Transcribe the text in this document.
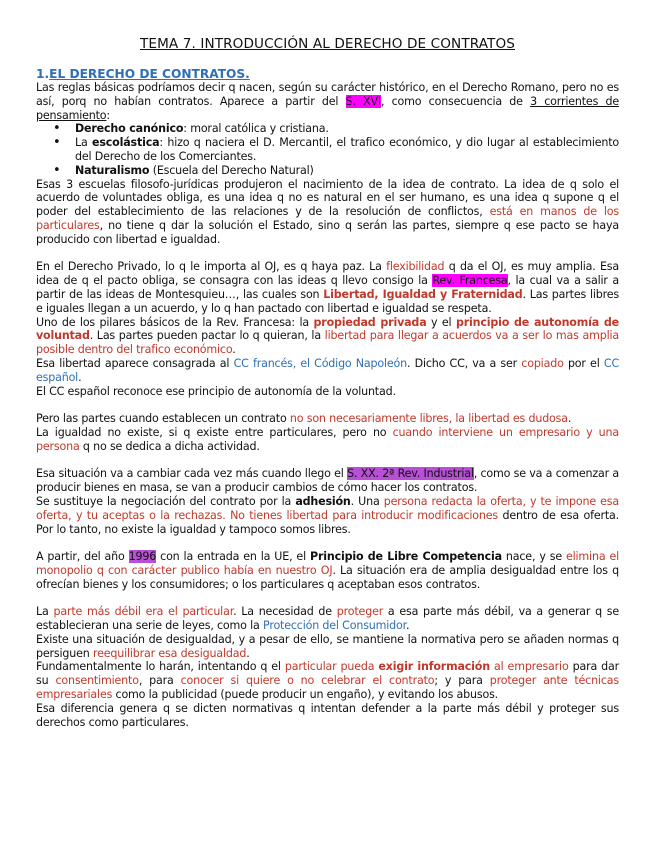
TEMA 7. INTRODUCCIÓN AL DERECHO DE CONTRATOS
1.EL DERECHO DE CONTRATOS.

Las reglas básicas podríamos decir q nacen, según su carácter histórico, en el Derecho Romano, pero no es así, porq no habían contratos. Aparece a partir del S. XVI, como consecuencia de 3 corrientes de pensamiento:

• Derecho canónico: moral católica y cristiana.
• La escolástica: hizo q naciera el D. Mercantil, el trafico económico, y dio lugar al establecimiento del Derecho de los Comerciantes.
• Naturalismo (Escuela del Derecho Natural)

Esas 3 escuelas filosofo-jurídicas produjeron el nacimiento de la idea de contrato. La idea de q solo el acuerdo de voluntades obliga, es una idea q no es natural en el ser humano, es una idea q supone q el poder del establecimiento de las relaciones y de la resolución de conflictos, está en manos de los particulares, no tiene q dar la solución el Estado, sino q serán las partes, siempre q ese pacto se haya producido con libertad e igualdad.

En el Derecho Privado, lo q le importa al OJ, es q haya paz. La flexibilidad q da el OJ, es muy amplia. Esa idea de q el pacto obliga, se consagra con las ideas q llevo consigo la Rev. Francesa, la cual va a salir a partir de las ideas de Montesquieu…, las cuales son Libertad, Igualdad y Fraternidad. Las partes libres e iguales llegan a un acuerdo, y lo q han pactado con libertad e igualdad se respeta.

Uno de los pilares básicos de la Rev. Francesa: la propiedad privada y el principio de autonomía de voluntad. Las partes pueden pactar lo q quieran, la libertad para llegar a acuerdos va a ser lo mas amplia posible dentro del trafico económico.

Esa libertad aparece consagrada al CC francés, el Código Napoleón. Dicho CC, va a ser copiado por el CC español.

El CC español reconoce ese principio de autonomía de la voluntad.

Pero las partes cuando establecen un contrato no son necesariamente libres, la libertad es dudosa.

La igualdad no existe, si q existe entre particulares, pero no cuando interviene un empresario y una persona q no se dedica a dicha actividad.

Esa situación va a cambiar cada vez más cuando llego el S. XX. 2ª Rev. Industrial, como se va a comenzar a producir bienes en masa, se van a producir cambios de cómo hacer los contratos.

Se sustituye la negociación del contrato por la adhesión. Una persona redacta la oferta, y te impone esa oferta, y tu aceptas o la rechazas. No tienes libertad para introducir modificaciones dentro de esa oferta. Por lo tanto, no existe la igualdad y tampoco somos libres.

A partir, del año 1996 con la entrada en la UE, el Principio de Libre Competencia nace, y se elimina el monopolio q con carácter publico había en nuestro OJ. La situación era de amplia desigualdad entre los q ofrecían bienes y los consumidores; o los particulares q aceptaban esos contratos.

La parte más débil era el particular. La necesidad de proteger a esa parte más débil, va a generar q se establecieran una serie de leyes, como la Protección del Consumidor.

Existe una situación de desigualdad, y a pesar de ello, se mantiene la normativa pero se añaden normas q persiguen reequilibrar esa desigualdad.

Fundamentalmente lo harán, intentando q el particular pueda exigir información al empresario para dar su consentimiento, para conocer si quiere o no celebrar el contrato; y para proteger ante técnicas empresariales como la publicidad (puede producir un engaño), y evitando los abusos.

Esa diferencia genera q se dicten normativas q intentan defender a la parte más débil y proteger sus derechos como particulares.
